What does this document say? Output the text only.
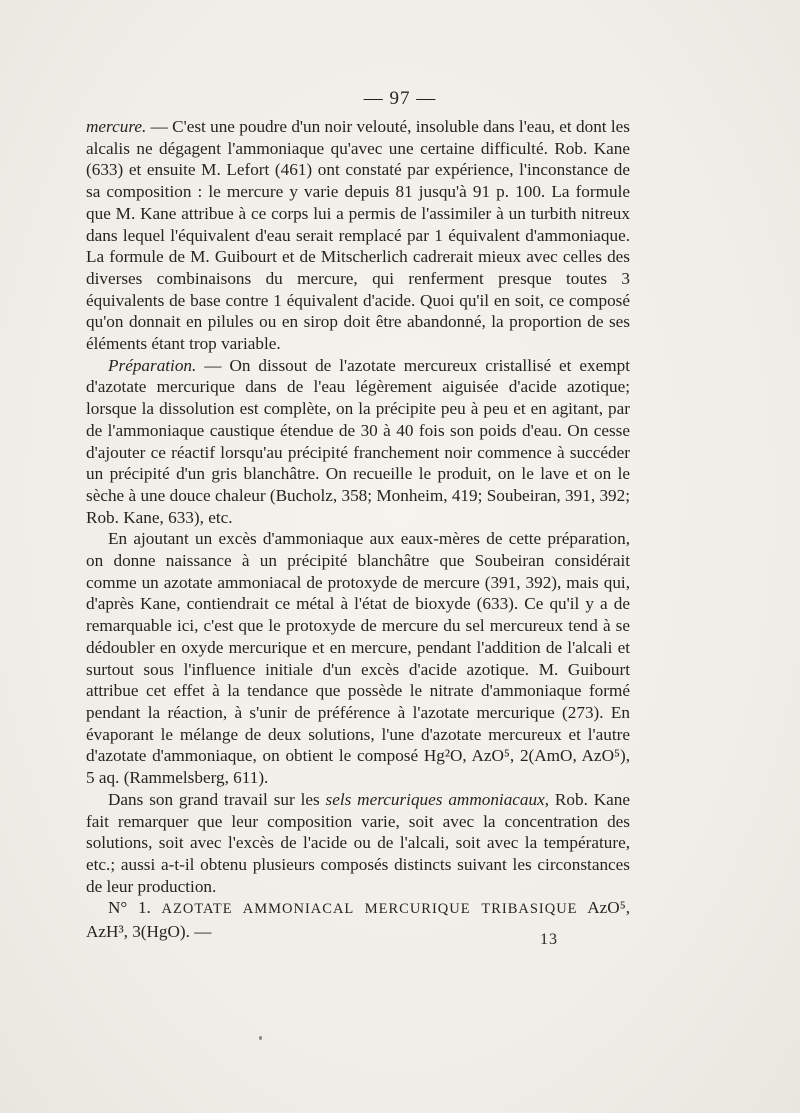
— 97 —

mercure. — C'est une poudre d'un noir velouté, insoluble dans l'eau, et dont les alcalis ne dégagent l'ammoniaque qu'avec une certaine difficulté. Rob. Kane (633) et ensuite M. Lefort (461) ont constaté par expérience, l'inconstance de sa composition : le mercure y varie depuis 81 jusqu'à 91 p. 100. La formule que M. Kane attribue à ce corps lui a permis de l'assimiler à un turbith nitreux dans lequel l'équivalent d'eau serait remplacé par 1 équivalent d'ammoniaque. La formule de M. Guibourt et de Mitscherlich cadrerait mieux avec celles des diverses combinaisons du mercure, qui renferment presque toutes 3 équivalents de base contre 1 équivalent d'acide. Quoi qu'il en soit, ce composé qu'on donnait en pilules ou en sirop doit être abandonné, la proportion de ses éléments étant trop variable.

Préparation. — On dissout de l'azotate mercureux cristallisé et exempt d'azotate mercurique dans de l'eau légèrement aiguisée d'acide azotique; lorsque la dissolution est complète, on la précipite peu à peu et en agitant, par de l'ammoniaque caustique étendue de 30 à 40 fois son poids d'eau. On cesse d'ajouter ce réactif lorsqu'au précipité franchement noir commence à succéder un précipité d'un gris blanchâtre. On recueille le produit, on le lave et on le sèche à une douce chaleur (Bucholz, 358; Monheim, 419; Soubeiran, 391, 392; Rob. Kane, 633), etc.

En ajoutant un excès d'ammoniaque aux eaux-mères de cette préparation, on donne naissance à un précipité blanchâtre que Soubeiran considérait comme un azotate ammoniacal de protoxyde de mercure (391, 392), mais qui, d'après Kane, contiendrait ce métal à l'état de bioxyde (633). Ce qu'il y a de remarquable ici, c'est que le protoxyde de mercure du sel mercureux tend à se dédoubler en oxyde mercurique et en mercure, pendant l'addition de l'alcali et surtout sous l'influence initiale d'un excès d'acide azotique. M. Guibourt attribue cet effet à la tendance que possède le nitrate d'ammoniaque formé pendant la réaction, à s'unir de préférence à l'azotate mercurique (273). En évaporant le mélange de deux solutions, l'une d'azotate mercureux et l'autre d'azotate d'ammoniaque, on obtient le composé Hg²O, AzO⁵, 2(AmO, AzO⁵), 5 aq. (Rammelsberg, 611).

Dans son grand travail sur les sels mercuriques ammoniacaux, Rob. Kane fait remarquer que leur composition varie, soit avec la concentration des solutions, soit avec l'excès de l'acide ou de l'alcali, soit avec la température, etc.; aussi a-t-il obtenu plusieurs composés distincts suivant les circonstances de leur production.

N° 1. AZOTATE AMMONIACAL MERCURIQUE TRIBASIQUE AzO⁵, AzH³, 3(HgO). —	13
